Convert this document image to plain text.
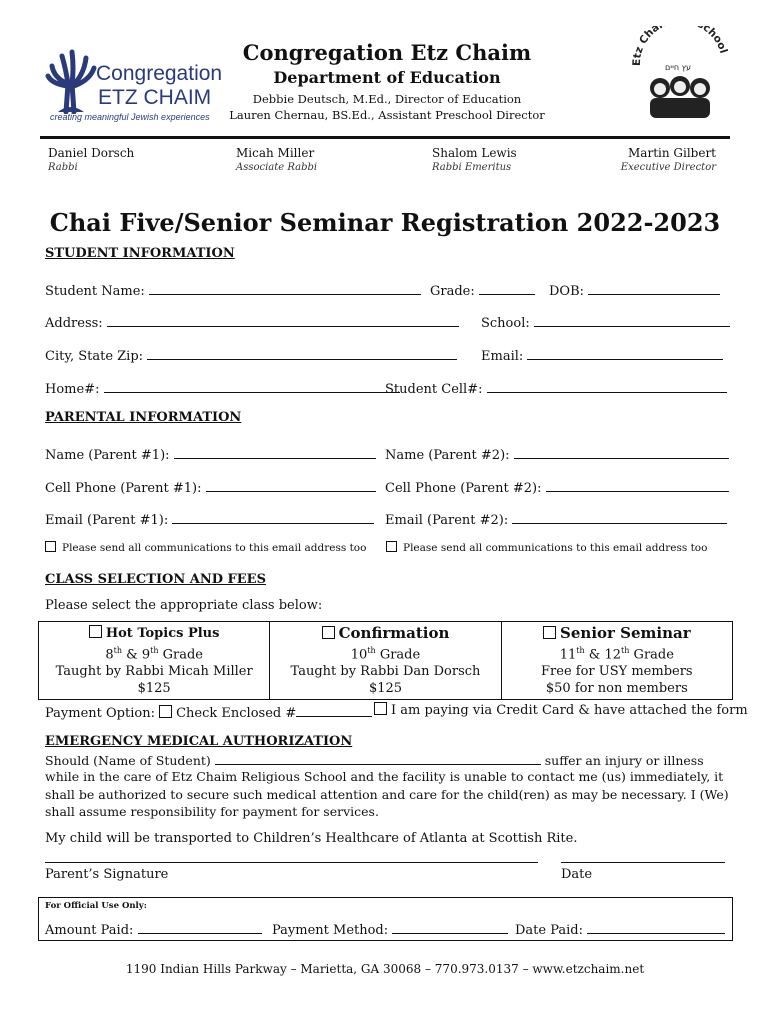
Congregation
ETZ CHAIM
creating meaningful Jewish experiences
Congregation Etz Chaim
Department of Education
Debbie Deutsch, M.Ed., Director of Education
Lauren Chernau, BS.Ed., Assistant Preschool Director
Etz Cha choo
עץ חיים
Daniel Dorsch
Rabbi
Micah Miller
Associate Rabbi
Shalom Lewis
Rabbi Emeritus
Martin Gilbert
Executive Director
Chai Five/Senior Seminar Registration 2022-2023
STUDENT INFORMATION
Student Name:	Grade:	DOB:
Address:	School:
City, State Zip:	Email:
Home#:	Student Cell#:
PARENTAL INFORMATION
Name (Parent #1):	Name (Parent #2):
Cell Phone (Parent #1):	Cell Phone (Parent #2):
Email (Parent #1):	Email (Parent #2):
Please send all communications to this email address too	Please send all communications to this email address too
CLASS SELECTION AND FEES
Please select the appropriate class below:
Hot Topics Plus
8th & 9th Grade
Taught by Rabbi Micah Miller
$125

Confirmation
10th Grade
Taught by Rabbi Dan Dorsch
$125

Senior Seminar
11th & 12th Grade
Free for USY members
$50 for non members
Payment Option: Check Enclosed #	I am paying via Credit Card & have attached the form
EMERGENCY MEDICAL AUTHORIZATION
Should (Name of Student)	suffer an injury or illness
while in the care of Etz Chaim Religious School and the facility is unable to contact me (us) immediately, it shall be authorized to secure such medical attention and care for the child(ren) as may be necessary. I (We) shall assume responsibility for payment for services.
My child will be transported to Children’s Healthcare of Atlanta at Scottish Rite.
Parent’s Signature	Date
For Official Use Only:
Amount Paid:	Payment Method:	Date Paid:
1190 Indian Hills Parkway – Marietta, GA 30068 – 770.973.0137 – www.etzchaim.net
